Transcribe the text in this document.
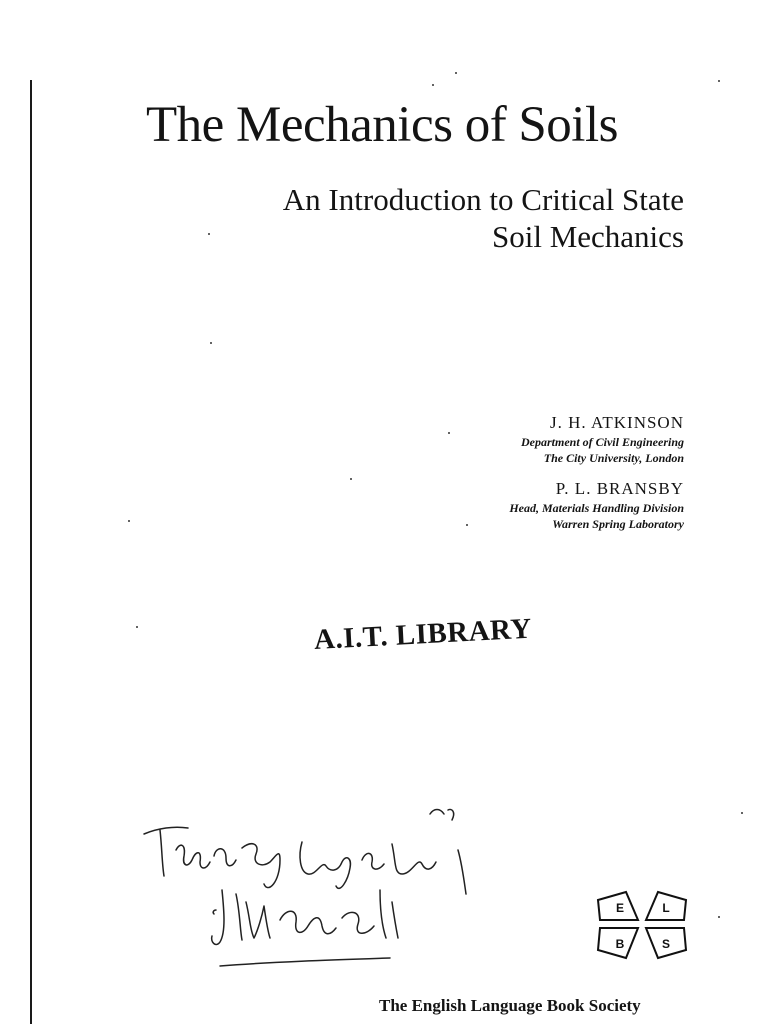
The Mechanics of Soils
An Introduction to Critical State
Soil Mechanics
J. H. ATKINSON
Department of Civil Engineering
The City University, London
P. L. BRANSBY
Head, Materials Handling Division
Warren Spring Laboratory
A.I.T. LIBRARY
E	L
B	S
The English Language Book Society
